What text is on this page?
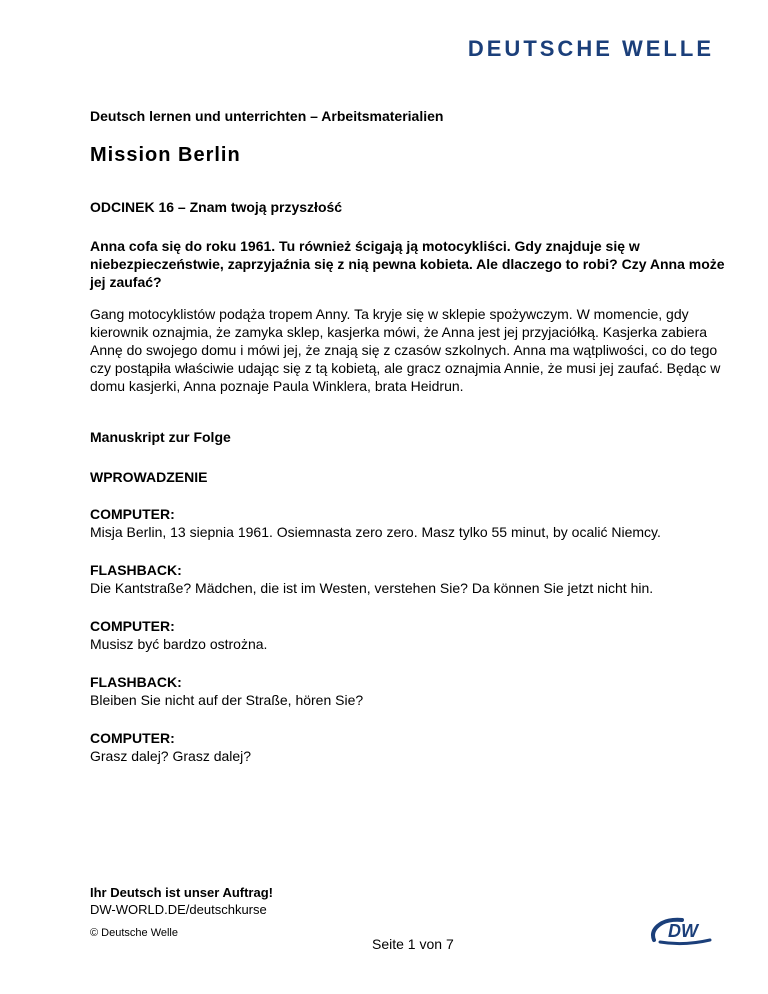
DEUTSCHE WELLE

Deutsch lernen und unterrichten – Arbeitsmaterialien

Mission Berlin

ODCINEK 16 – Znam twoją przyszłość

Anna cofa się do roku 1961. Tu również ścigają ją motocykliści. Gdy znajduje się w niebezpieczeństwie, zaprzyjaźnia się z nią pewna kobieta. Ale dlaczego to robi? Czy Anna może jej zaufać?

Gang motocyklistów podąża tropem Anny. Ta kryje się w sklepie spożywczym. W momencie, gdy kierownik oznajmia, że zamyka sklep, kasjerka mówi, że Anna jest jej przyjaciółką. Kasjerka zabiera Annę do swojego domu i mówi jej, że znają się z czasów szkolnych. Anna ma wątpliwości, co do tego czy postąpiła właściwie udając się z tą kobietą, ale gracz oznajmia Annie, że musi jej zaufać. Będąc w domu kasjerki, Anna poznaje Paula Winklera, brata Heidrun.

Manuskript zur Folge

WPROWADZENIE

COMPUTER:
Misja Berlin, 13 siepnia 1961. Osiemnasta zero zero. Masz tylko 55 minut, by ocalić Niemcy.
FLASHBACK:
Die Kantstraße? Mädchen, die ist im Westen, verstehen Sie? Da können Sie jetzt nicht hin.
COMPUTER:
Musisz być bardzo ostrożna.
FLASHBACK:
Bleiben Sie nicht auf der Straße, hören Sie?
COMPUTER:
Grasz dalej? Grasz dalej?
Ihr Deutsch ist unser Auftrag!
DW-WORLD.DE/deutschkurse
© Deutsche Welle
Seite 1 von 7
DW
